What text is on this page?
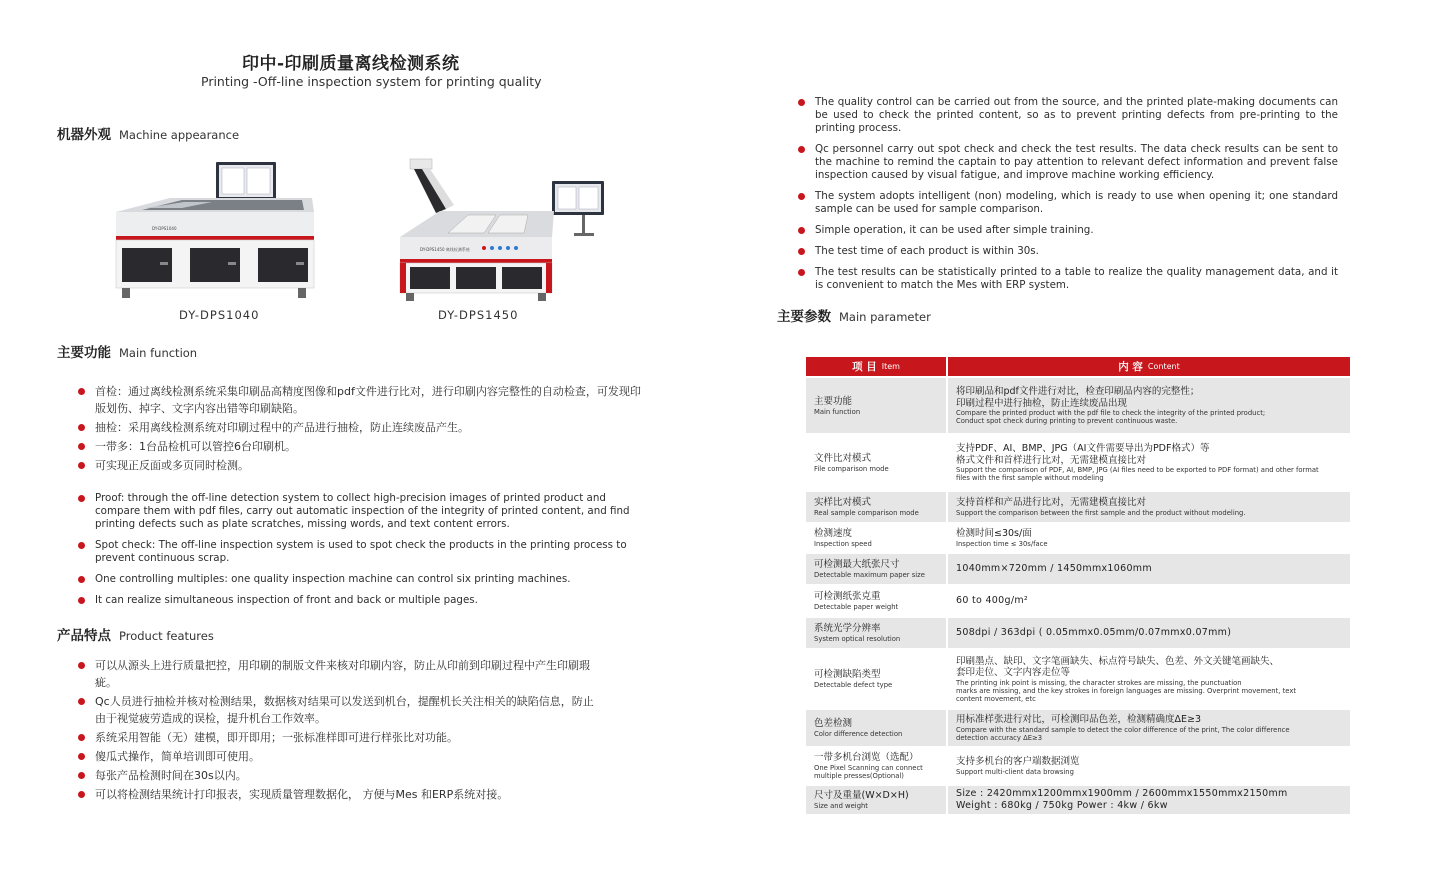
印中-印刷质量离线检测系统
Printing -Off-line inspection system for printing quality
机器外观 Machine appearance
DY-DPS1040
DY-DPS1040
DY-DPS1450 离线检测系统
DY-DPS1450
主要功能 Main function
首检：通过离线检测系统采集印刷品高精度图像和pdf文件进行比对，进行印刷内容完整性的自动检查，可发现印版划伤、掉字、文字内容出错等印刷缺陷。
抽检：采用离线检测系统对印刷过程中的产品进行抽检，防止连续废品产生。
一带多：1台品检机可以管控6台印刷机。
可实现正反面或多页同时检测。
Proof: through the off-line detection system to collect high-precision images of printed product and compare them with pdf files, carry out automatic inspection of the integrity of printed content, and find printing defects such as plate scratches, missing words, and text content errors.
Spot check: The off-line inspection system is used to spot check the products in the printing process to prevent continuous scrap.
One controlling multiples: one quality inspection machine can control six printing machines.
It can realize simultaneous inspection of front and back or multiple pages.
产品特点 Product features
可以从源头上进行质量把控，用印刷的制版文件来核对印刷内容，防止从印前到印刷过程中产生印刷瑕疵。
Qc人员进行抽检并核对检测结果，数据核对结果可以发送到机台，提醒机长关注相关的缺陷信息，防止由于视觉疲劳造成的误检，提升机台工作效率。
系统采用智能（无）建模，即开即用；一张标准样即可进行样张比对功能。
傻瓜式操作，简单培训即可使用。
每张产品检测时间在30s以内。
可以将检测结果统计打印报表，实现质量管理数据化， 方便与Mes 和ERP系统对接。
The quality control can be carried out from the source, and the printed plate-making documents can be used to check the printed content, so as to prevent printing defects from pre-printing to the printing process.
Qc personnel carry out spot check and check the test results. The data check results can be sent to the machine to remind the captain to pay attention to relevant defect information and prevent false inspection caused by visual fatigue, and improve machine working efficiency.
The system adopts intelligent (non) modeling, which is ready to use when opening it; one standard sample can be used for sample comparison.
Simple operation, it can be used after simple training.
The test time of each product is within 30s.
The test results can be statistically printed to a table to realize the quality management data, and it is convenient to match the Mes with ERP system.
主要参数 Main parameter
项 目 Item	内 容 Content
主要功能
Main function
将印刷品和pdf文件进行对比，检查印刷品内容的完整性；
印刷过程中进行抽检，防止连续废品出现
Compare the printed product with the pdf file to check the integrity of the printed product;
Conduct spot check during printing to prevent continuous waste.
文件比对模式
File comparison mode
支持PDF、AI、BMP、JPG（AI文件需要导出为PDF格式）等
格式文件和首样进行比对，无需建模直接比对
Support the comparison of PDF, AI, BMP, JPG (AI files need to be exported to PDF format) and other format
files with the first sample without modeling
实样比对模式
Real sample comparison mode
支持首样和产品进行比对，无需建模直接比对
Support the comparison between the first sample and the product without modeling.
检测速度
Inspection speed
检测时间≤30s/面
Inspection time ≤ 30s/face
可检测最大纸张尺寸
Detectable maximum paper size
1040mm×720mm / 1450mmx1060mm
可检测纸张克重
Detectable paper weight
60 to 400g/m²
系统光学分辨率
System optical resolution
508dpi / 363dpi ( 0.05mmx0.05mm/0.07mmx0.07mm)
可检测缺陷类型
Detectable defect type
印刷墨点、缺印、文字笔画缺失、标点符号缺失、色差、外文关键笔画缺失、
套印走位、文字内容走位等
The printing ink point is missing, the character strokes are missing, the punctuation
marks are missing, and the key strokes in foreign languages are missing. Overprint movement, text
content movement, etc
色差检测
Color difference detection
用标准样张进行对比，可检测印品色差，检测精确度ΔE≥3
Compare with the standard sample to detect the color difference of the print, The color difference
detection accuracy ΔE≥3
一带多机台浏览（选配）
One Pixel Scanning can connect multiple presses(Optional)
支持多机台的客户端数据浏览
Support multi-client data browsing
尺寸及重量(W×D×H)
Size and weight
Size : 2420mmx1200mmx1900mm / 2600mmx1550mmx2150mm
Weight : 680kg / 750kg Power : 4kw / 6kw
